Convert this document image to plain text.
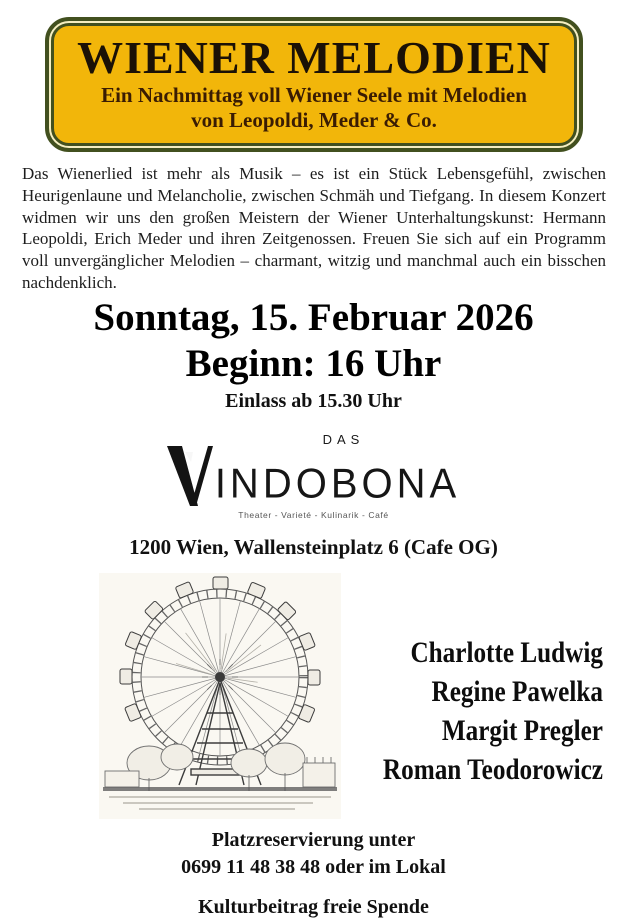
WIENER MELODIEN
Ein Nachmittag voll Wiener Seele mit Melodien
von Leopoldi, Meder & Co.
Das Wienerlied ist mehr als Musik – es ist ein Stück Lebensgefühl, zwischen Heurigenlaune und Melancholie, zwischen Schmäh und Tiefgang. In diesem Konzert widmen wir uns den großen Meistern der Wiener Unterhaltungskunst: Hermann Leopoldi, Erich Meder und ihren Zeitgenossen. Freuen Sie sich auf ein Programm voll unvergänglicher Melodien – charmant, witzig und manchmal auch ein bisschen nachdenklich.
Sonntag, 15. Februar 2026
Beginn: 16 Uhr
Einlass ab 15.30 Uhr
DAS
INDOBONA
Theater - Varieté - Kulinarik - Café
1200 Wien, Wallensteinplatz 6 (Cafe OG)
Charlotte Ludwig
Regine Pawelka
Margit Pregler
Roman Teodorowicz
Platzreservierung unter
0699 11 48 38 48 oder im Lokal
Kulturbeitrag freie Spende
